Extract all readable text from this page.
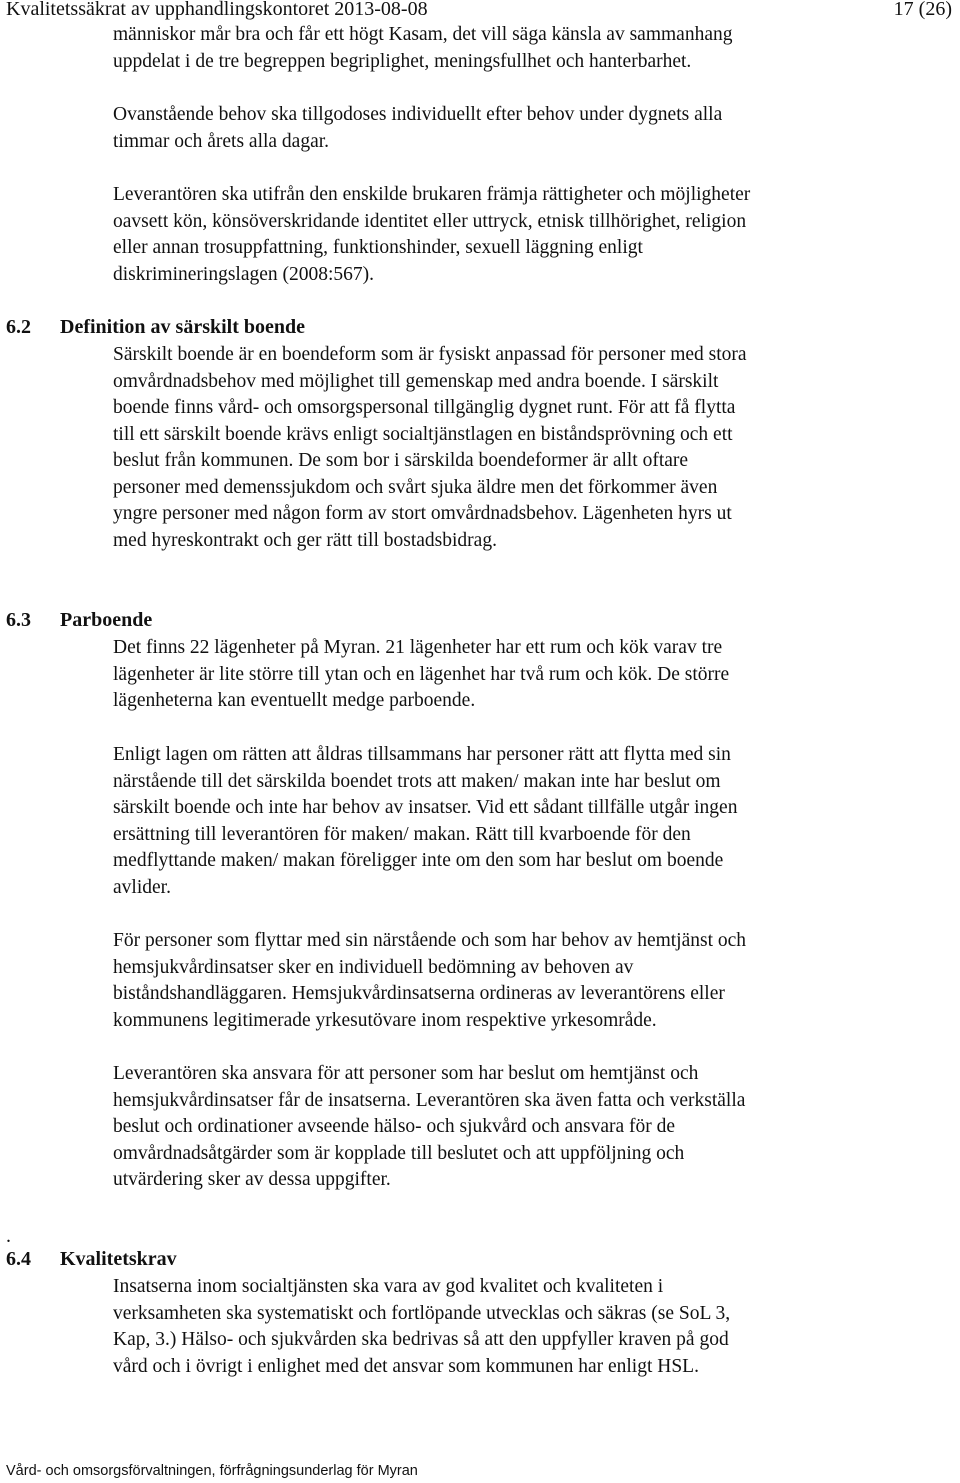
Kvalitetssäkrat av upphandlingskontoret 2013-08-08	17 (26)

människor mår bra och får ett högt Kasam, det vill säga känsla av sammanhang
uppdelat i de tre begreppen begriplighet, meningsfullhet och hanterbarhet.

Ovanstående behov ska tillgodoses individuellt efter behov under dygnets alla
timmar och årets alla dagar.

Leverantören ska utifrån den enskilde brukaren främja rättigheter och möjligheter
oavsett kön, könsöverskridande identitet eller uttryck, etnisk tillhörighet, religion
eller annan trosuppfattning, funktionshinder, sexuell läggning enligt
diskrimineringslagen (2008:567).

6.2 Definition av särskilt boende

Särskilt boende är en boendeform som är fysiskt anpassad för personer med stora
omvårdnadsbehov med möjlighet till gemenskap med andra boende. I särskilt
boende finns vård- och omsorgspersonal tillgänglig dygnet runt. För att få flytta
till ett särskilt boende krävs enligt socialtjänstlagen en biståndsprövning och ett
beslut från kommunen. De som bor i särskilda boendeformer är allt oftare
personer med demenssjukdom och svårt sjuka äldre men det förkommer även
yngre personer med någon form av stort omvårdnadsbehov. Lägenheten hyrs ut
med hyreskontrakt och ger rätt till bostadsbidrag.

6.3 Parboende

Det finns 22 lägenheter på Myran. 21 lägenheter har ett rum och kök varav tre
lägenheter är lite större till ytan och en lägenhet har två rum och kök. De större
lägenheterna kan eventuellt medge parboende.

Enligt lagen om rätten att åldras tillsammans har personer rätt att flytta med sin
närstående till det särskilda boendet trots att maken/ makan inte har beslut om
särskilt boende och inte har behov av insatser. Vid ett sådant tillfälle utgår ingen
ersättning till leverantören för maken/ makan. Rätt till kvarboende för den
medflyttande maken/ makan föreligger inte om den som har beslut om boende
avlider.

För personer som flyttar med sin närstående och som har behov av hemtjänst och
hemsjukvårdinsatser sker en individuell bedömning av behoven av
biståndshandläggaren. Hemsjukvårdinsatserna ordineras av leverantörens eller
kommunens legitimerade yrkesutövare inom respektive yrkesområde.

Leverantören ska ansvara för att personer som har beslut om hemtjänst och
hemsjukvårdinsatser får de insatserna. Leverantören ska även fatta och verkställa
beslut och ordinationer avseende hälso- och sjukvård och ansvara för de
omvårdnadsåtgärder som är kopplade till beslutet och att uppföljning och
utvärdering sker av dessa uppgifter.

.
6.4 Kvalitetskrav

Insatserna inom socialtjänsten ska vara av god kvalitet och kvaliteten i
verksamheten ska systematiskt och fortlöpande utvecklas och säkras (se SoL 3,
Kap, 3.) Hälso- och sjukvården ska bedrivas så att den uppfyller kraven på god
vård och i övrigt i enlighet med det ansvar som kommunen har enligt HSL.

Vård- och omsorgsförvaltningen, förfrågningsunderlag för Myran
